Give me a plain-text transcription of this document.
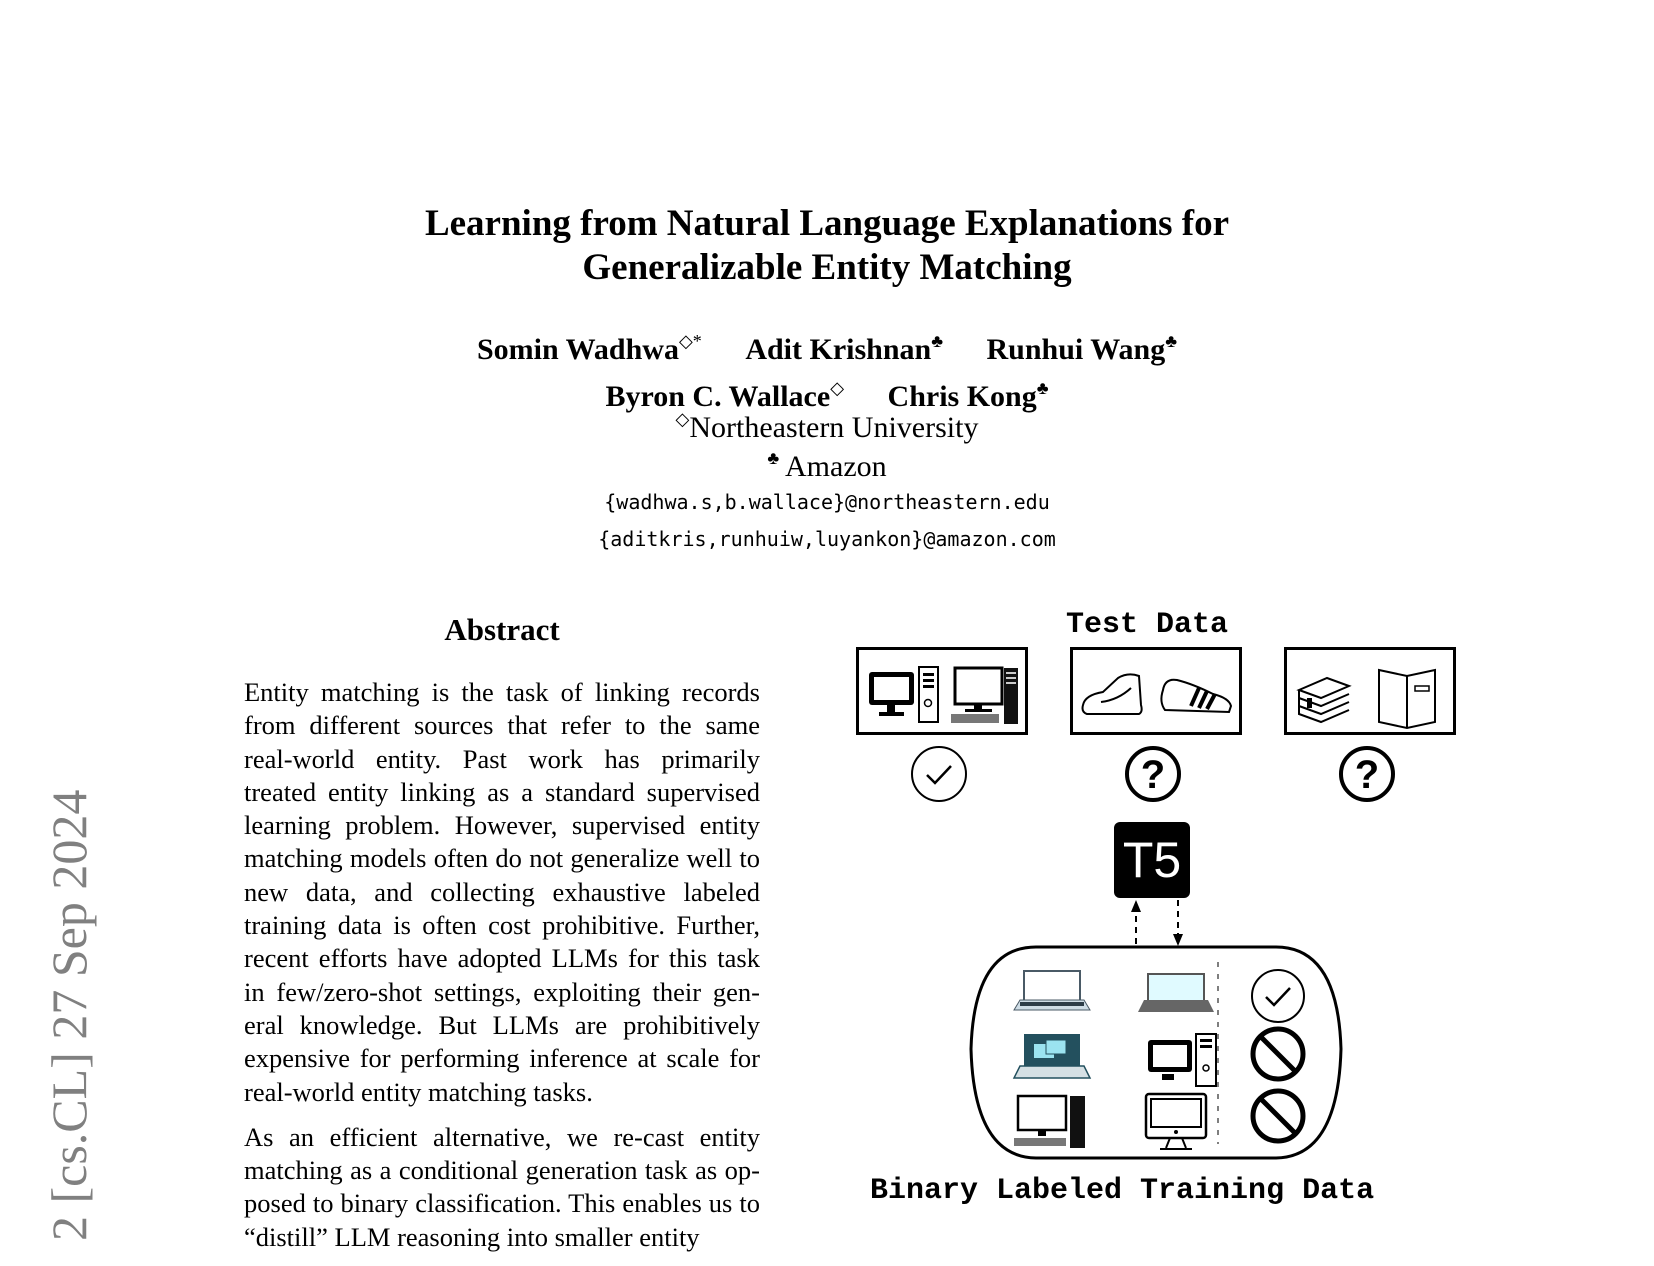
Learning from Natural Language Explanations for
Generalizable Entity Matching
Somin Wadhwa◇* Adit Krishnan♣ Runhui Wang♣
Byron C. Wallace◇ Chris Kong♣
◇Northeastern University
♣ Amazon
{wadhwa.s,b.wallace}@northeastern.edu
{aditkris,runhuiw,luyankon}@amazon.com
2 [cs.CL] 27 Sep 2024
Abstract

Entity matching is the task of linking records from different sources that refer to the same real-world entity. Past work has primarily treated entity linking as a standard supervised learning problem. However, supervised entity matching models often do not generalize well to new data, and collecting exhaustive labeled training data is often cost prohibitive. Further, recent efforts have adopted LLMs for this task in few/zero-shot settings, exploiting their general knowledge. But LLMs are prohibitively expensive for performing inference at scale for real-world entity matching tasks.

As an efficient alternative, we re-cast entity matching as a conditional generation task as opposed to binary classification. This enables us to “distill” LLM reasoning into smaller entity

Test Data
?	?
T5
Binary Labeled Training Data
